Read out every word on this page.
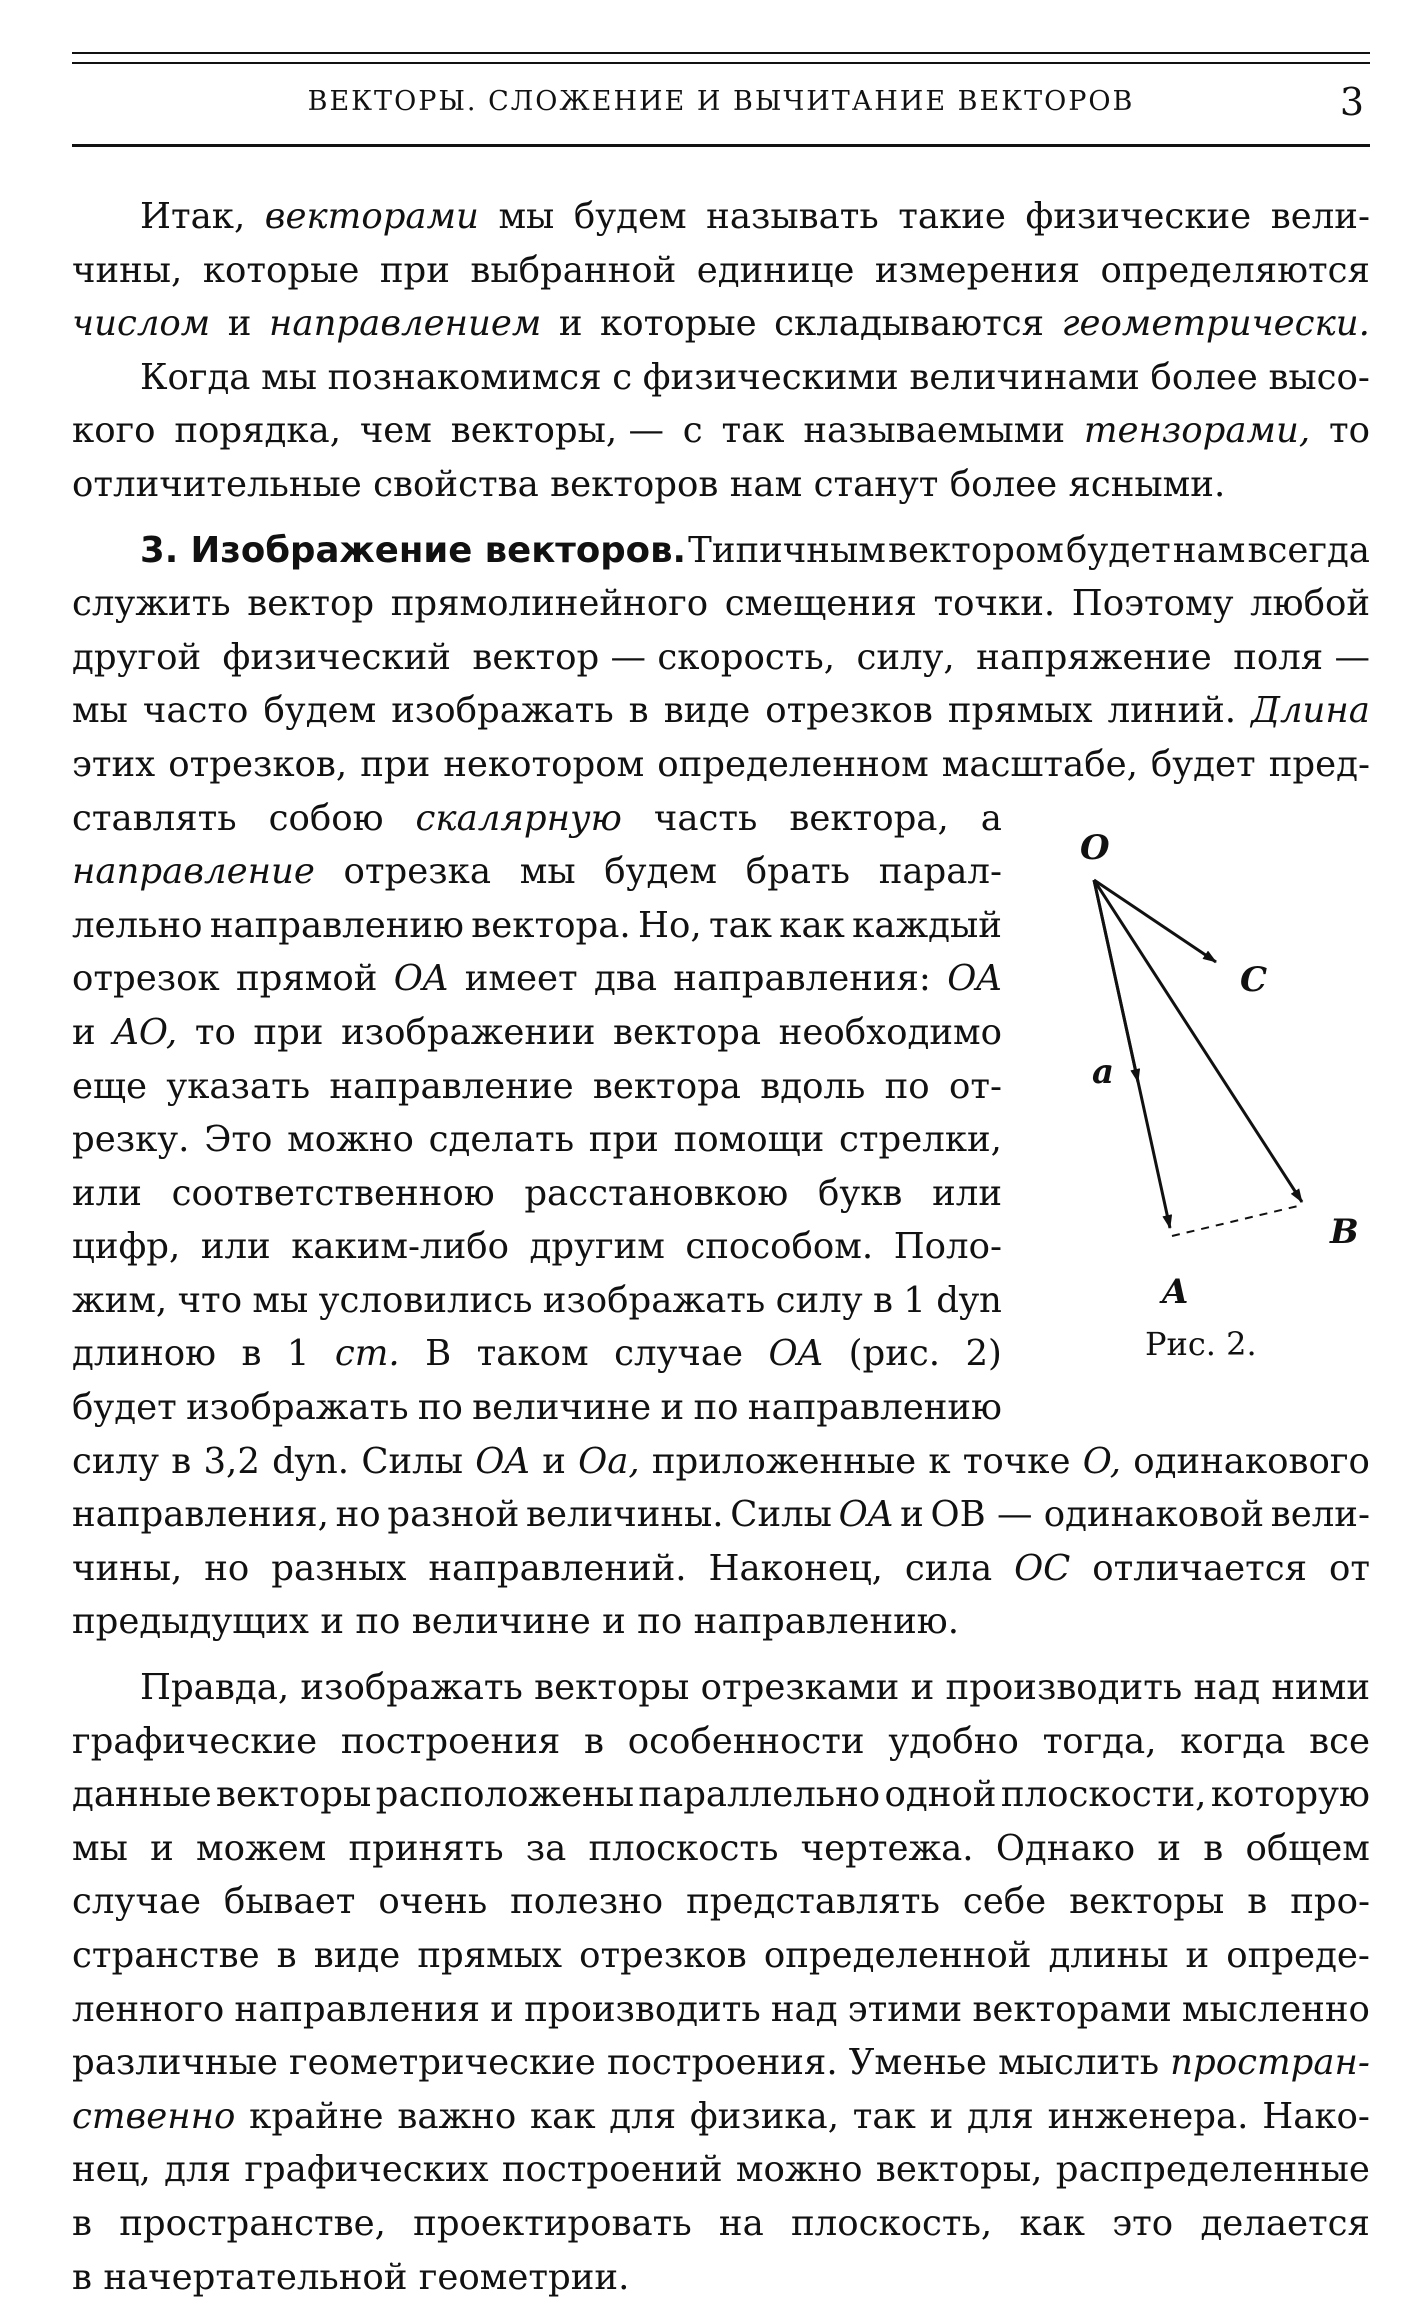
ВЕКТОРЫ. СЛОЖЕНИЕ И ВЫЧИТАНИЕ ВЕКТОРОВ	3
Итак, векторами мы будем называть такие физические вели-
чины, которые при выбранной единице измерения определяются
числом и направлением и которые складываются геометрически.
Когда мы познакомимся с физическими величинами более высо-
кого порядка, чем векторы, — с так называемыми тензорами, то
отличительные свойства векторов нам станут более ясными.
3. Изображение векторов. Типичным вектором будет нам всегда
служить вектор прямолинейного смещения точки. Поэтому любой
другой физический вектор — скорость, силу, напряжение поля —
мы часто будем изображать в виде отрезков прямых линий. Длина
этих отрезков, при некотором определенном масштабе, будет пред-
ставлять собою скалярную часть вектора, а
направление отрезка мы будем брать парал-
лельно направлению вектора. Но, так как каждый
отрезок прямой OA имеет два направления: OA
и AO, то при изображении вектора необходимо
еще указать направление вектора вдоль по от-
резку. Это можно сделать при помощи стрелки,
или соответственною расстановкою букв или
цифр, или каким-либо другим способом. Поло-
жим, что мы условились изображать силу в 1 dyn
длиною в 1 cm. В таком случае OA (рис. 2)
будет изображать по величине и по направлению
силу в 3,2 dyn. Силы OA и Oa, приложенные к точке O, одинакового
направления, но разной величины. Силы OA и OB — одинаковой вели-
чины, но разных направлений. Наконец, сила OC отличается от
предыдущих и по величине и по направлению.
Правда, изображать векторы отрезками и производить над ними
графические построения в особенности удобно тогда, когда все
данные векторы расположены параллельно одной плоскости, которую
мы и можем принять за плоскость чертежа. Однако и в общем
случае бывает очень полезно представлять себе векторы в про-
странстве в виде прямых отрезков определенной длины и опреде-
ленного направления и производить над этими векторами мысленно
различные геометрические построения. Уменье мыслить простран-
ственно крайне важно как для физика, так и для инженера. Нако-
нец, для графических построений можно векторы, распределенные
в пространстве, проектировать на плоскость, как это делается
в начертательной геометрии.
O
C
a
B
A
Рис. 2.
